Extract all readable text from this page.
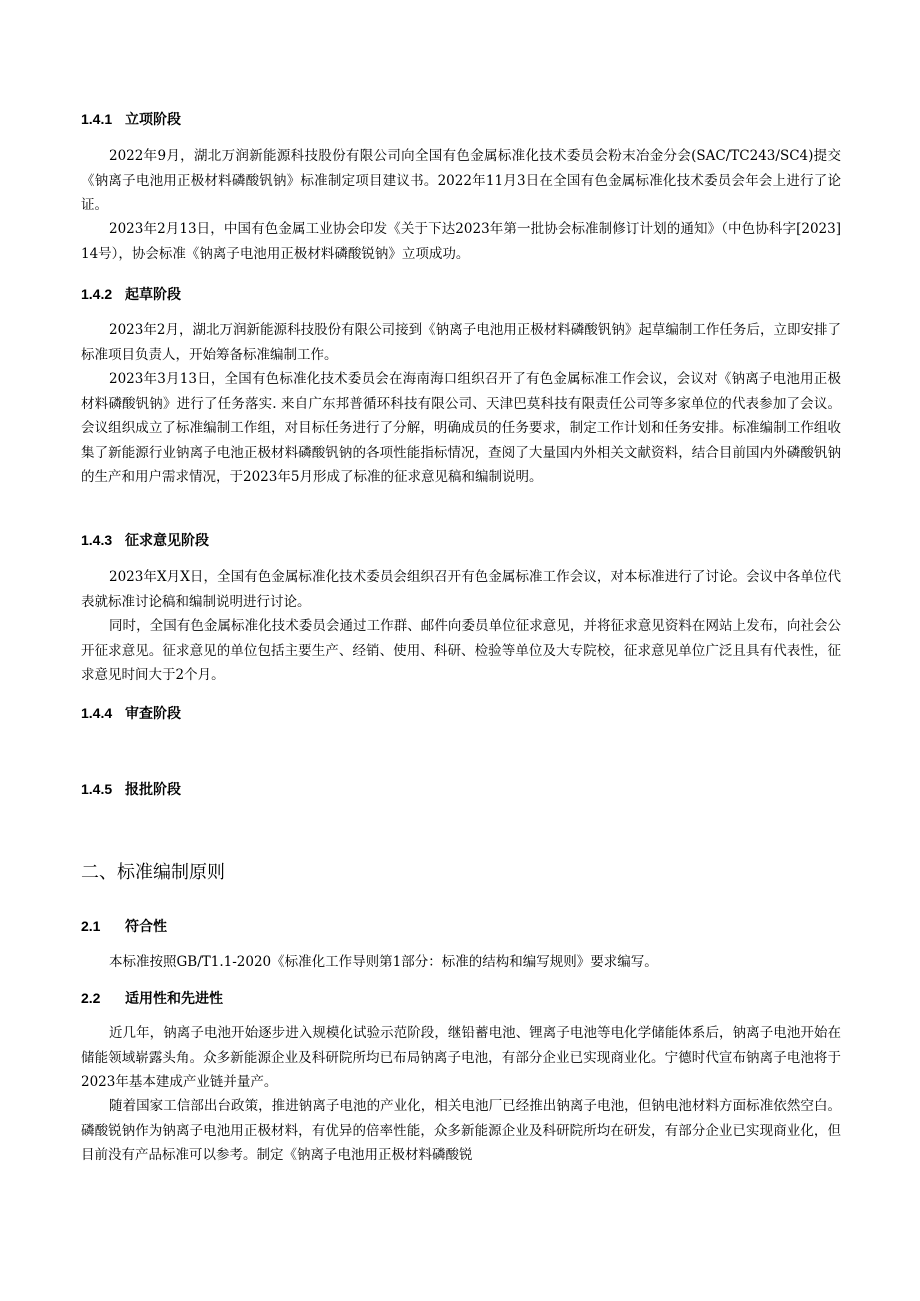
1.4.1 立项阶段
2022年9月，湖北万润新能源科技股份有限公司向全国有色金属标准化技术委员会粉末冶金分会(SAC/TC243/SC4)提交《钠离子电池用正极材料磷酸钒钠》标准制定项目建议书。2022年11月3日在全国有色金属标准化技术委员会年会上进行了论证。
2023年2月13日，中国有色金属工业协会印发《关于下达2023年第一批协会标准制修订计划的通知》（中色协科字[2023]14号），协会标准《钠离子电池用正极材料磷酸锐钠》立项成功。
1.4.2 起草阶段
2023年2月，湖北万润新能源科技股份有限公司接到《钠离子电池用正极材料磷酸钒钠》起草编制工作任务后，立即安排了标准项目负责人，开始筹备标准编制工作。
2023年3月13日，全国有色标准化技术委员会在海南海口组织召开了有色金属标准工作会议，会议对《钠离子电池用正极材料磷酸钒钠》进行了任务落实. 来自广东邦普循环科技有限公司、天津巴莫科技有限责任公司等多家单位的代表参加了会议。会议组织成立了标准编制工作组，对目标任务进行了分解，明确成员的任务要求，制定工作计划和任务安排。标准编制工作组收集了新能源行业钠离子电池正极材料磷酸钒钠的各项性能指标情况，查阅了大量国内外相关文献资料，结合目前国内外磷酸钒钠的生产和用户需求情况，于2023年5月形成了标准的征求意见稿和编制说明。
1.4.3 征求意见阶段
2023年X月X日，全国有色金属标准化技术委员会组织召开有色金属标准工作会议，对本标准进行了讨论。会议中各单位代表就标准讨论稿和编制说明进行讨论。
同时，全国有色金属标准化技术委员会通过工作群、邮件向委员单位征求意见，并将征求意见资料在网站上发布，向社会公开征求意见。征求意见的单位包括主要生产、经销、使用、科研、检验等单位及大专院校，征求意见单位广泛且具有代表性，征求意见时间大于2个月。
1.4.4 审查阶段
1.4.5 报批阶段
二、标准编制原则
2.1 符合性
本标准按照GB/T1.1-2020《标准化工作导则第1部分：标准的结构和编写规则》要求编写。
2.2 适用性和先进性
近几年，钠离子电池开始逐步进入规模化试验示范阶段，继铅蓄电池、锂离子电池等电化学储能体系后，钠离子电池开始在储能领域崭露头角。众多新能源企业及科研院所均已布局钠离子电池，有部分企业已实现商业化。宁德时代宣布钠离子电池将于2023年基本建成产业链并量产。
随着国家工信部出台政策，推进钠离子电池的产业化，相关电池厂已经推出钠离子电池，但钠电池材料方面标准依然空白。磷酸锐钠作为钠离子电池用正极材料，有优异的倍率性能，众多新能源企业及科研院所均在研发，有部分企业已实现商业化，但目前没有产品标准可以参考。制定《钠离子电池用正极材料磷酸锐
